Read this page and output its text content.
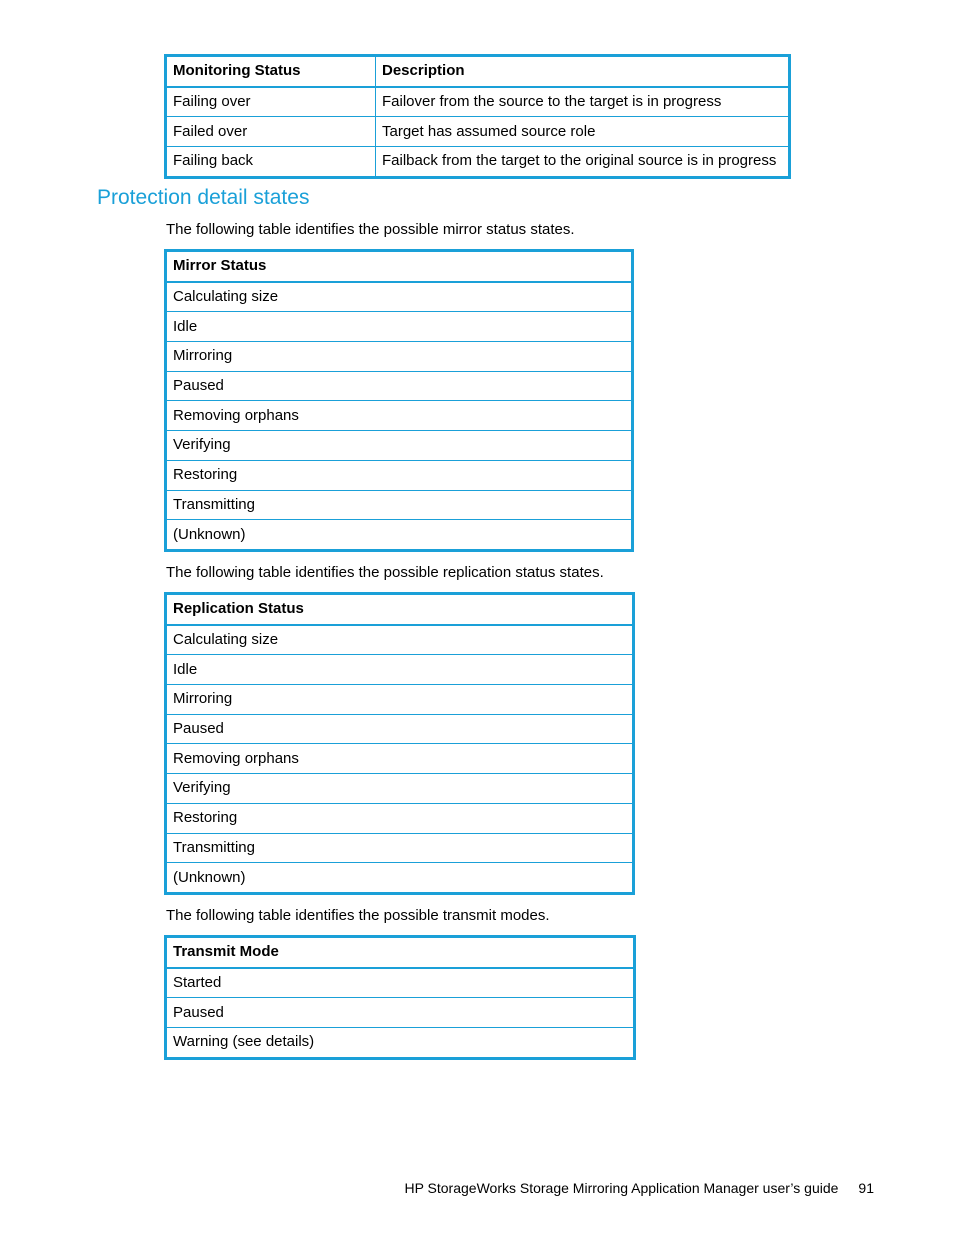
Monitoring Status	Description
Failing over	Failover from the source to the target is in progress
Failed over	Target has assumed source role
Failing back	Failback from the target to the original source is in progress
Protection detail states

The following table identifies the possible mirror status states.

Mirror Status
Calculating size
Idle
Mirroring
Paused
Removing orphans
Verifying
Restoring
Transmitting
(Unknown)

The following table identifies the possible replication status states.

Replication Status
Calculating size
Idle
Mirroring
Paused
Removing orphans
Verifying
Restoring
Transmitting
(Unknown)

The following table identifies the possible transmit modes.

Transmit Mode
Started
Paused
Warning (see details)
HP StorageWorks Storage Mirroring Application Manager user’s guide 91
